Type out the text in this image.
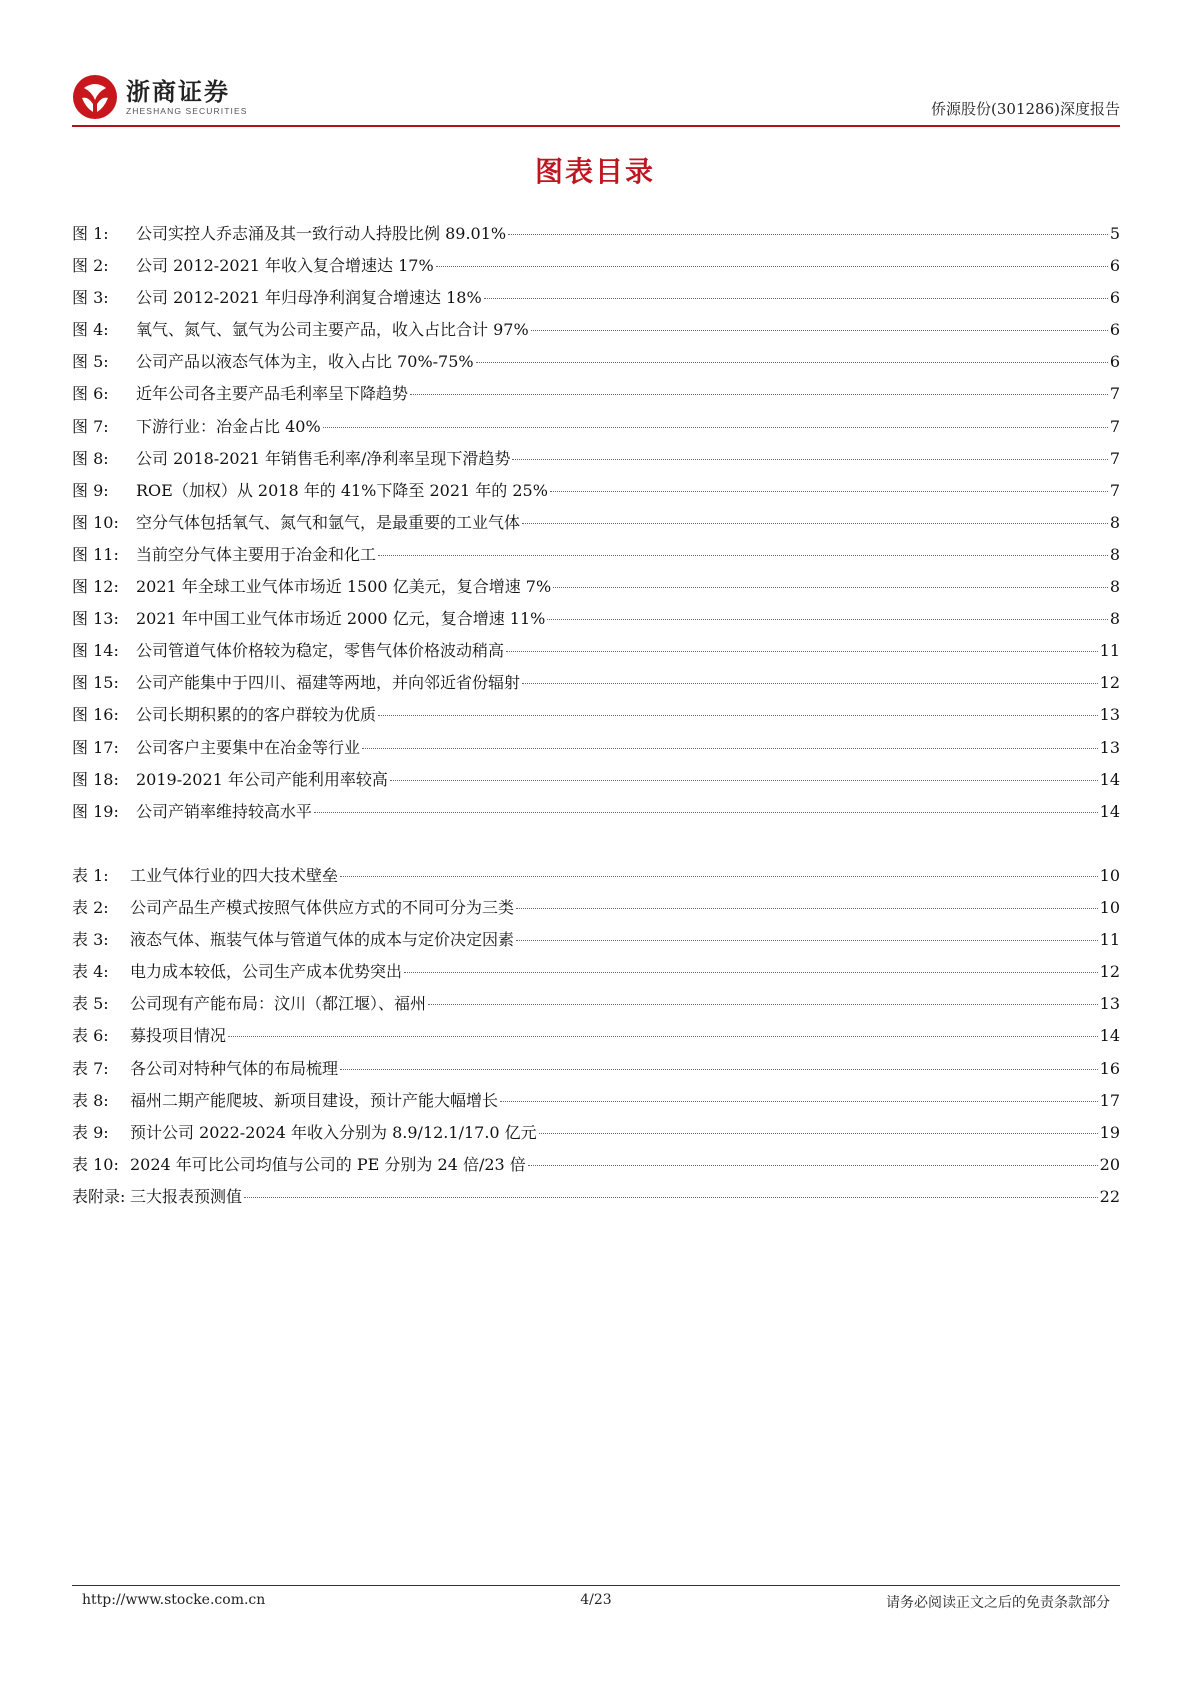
浙商证券
ZHESHANG SECURITIES	侨源股份(301286)深度报告
图表目录
图 1: 公司实控人乔志涌及其一致行动人持股比例 89.01%	5
图 2: 公司 2012-2021 年收入复合增速达 17%	6
图 3: 公司 2012-2021 年归母净利润复合增速达 18%	6
图 4: 氧气、氮气、氩气为公司主要产品，收入占比合计 97%	6
图 5: 公司产品以液态气体为主，收入占比 70%-75%	6
图 6: 近年公司各主要产品毛利率呈下降趋势	7
图 7: 下游行业：冶金占比 40%	7
图 8: 公司 2018-2021 年销售毛利率/净利率呈现下滑趋势	7
图 9: ROE（加权）从 2018 年的 41%下降至 2021 年的 25%	7
图 10: 空分气体包括氧气、氮气和氩气，是最重要的工业气体	8
图 11: 当前空分气体主要用于冶金和化工	8
图 12: 2021 年全球工业气体市场近 1500 亿美元，复合增速 7%	8
图 13: 2021 年中国工业气体市场近 2000 亿元，复合增速 11%	8
图 14: 公司管道气体价格较为稳定，零售气体价格波动稍高	11
图 15: 公司产能集中于四川、福建等两地，并向邻近省份辐射	12
图 16: 公司长期积累的的客户群较为优质	13
图 17: 公司客户主要集中在冶金等行业	13
图 18: 2019-2021 年公司产能利用率较高	14
图 19: 公司产销率维持较高水平	14
表 1: 工业气体行业的四大技术壁垒	10
表 2: 公司产品生产模式按照气体供应方式的不同可分为三类	10
表 3: 液态气体、瓶装气体与管道气体的成本与定价决定因素	11
表 4: 电力成本较低，公司生产成本优势突出	12
表 5: 公司现有产能布局：汶川（都江堰）、福州	13
表 6: 募投项目情况	14
表 7: 各公司对特种气体的布局梳理	16
表 8: 福州二期产能爬坡、新项目建设，预计产能大幅增长	17
表 9: 预计公司 2022-2024 年收入分别为 8.9/12.1/17.0 亿元	19
表 10: 2024 年可比公司均值与公司的 PE 分别为 24 倍/23 倍	20
表附录: 三大报表预测值	22
http://www.stocke.com.cn	4/23	请务必阅读正文之后的免责条款部分
